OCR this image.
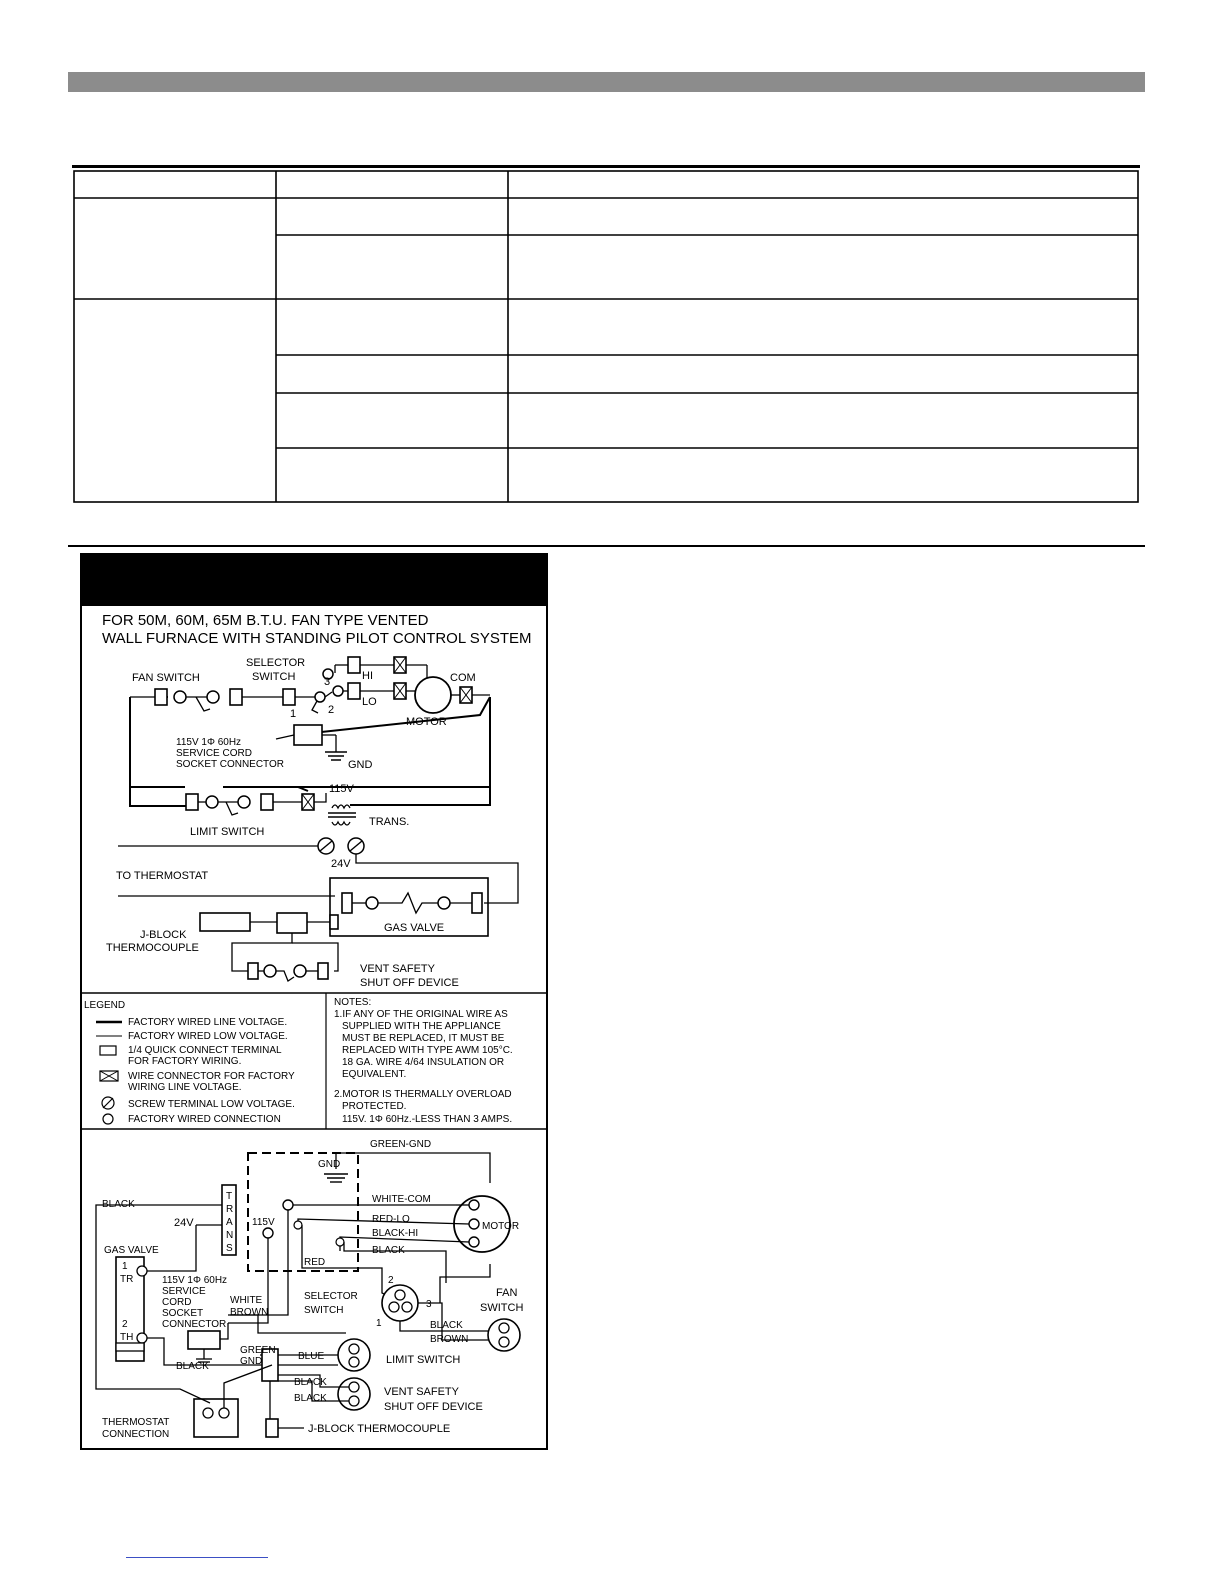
FOR 50M, 60M, 65M B.T.U. FAN TYPE VENTED
WALL FURNACE WITH STANDING PILOT CONTROL SYSTEM
FAN SWITCH
SELECTOR
SWITCH	HI
LO
COM
MOTOR
1	2
3
115V 1Φ 60Hz
SERVICE CORD
SOCKET CONNECTOR	GND
115V
TRANS.
LIMIT SWITCH
24V
TO THERMOSTAT
GAS VALVE
J-BLOCK
THERMOCOUPLE
VENT SAFETY
SHUT OFF DEVICE
LEGEND
FACTORY WIRED LINE VOLTAGE.
FACTORY WIRED LOW VOLTAGE.
1/4 QUICK CONNECT TERMINAL
FOR FACTORY WIRING.
WIRE CONNECTOR FOR FACTORY
WIRING LINE VOLTAGE.
SCREW TERMINAL LOW VOLTAGE.
FACTORY WIRED CONNECTION
NOTES:
1.IF ANY OF THE ORIGINAL WIRE AS
SUPPLIED WITH THE APPLIANCE
MUST BE REPLACED, IT MUST BE
REPLACED WITH TYPE AWM 105°C.
18 GA. WIRE 4/64 INSULATION OR
EQUIVALENT.
2.MOTOR IS THERMALLY OVERLOAD
PROTECTED.
115V. 1Φ 60Hz.-LESS THAN 3 AMPS.
GREEN-GND
GND
BLACK
24V
T
R
A
N
S
115V
WHITE-COM
RED-LO
BLACK-HI
BLACK
RED
MOTOR
GAS VALVE
1
TR
2
TH
115V 1Φ 60Hz
SERVICE
CORD
SOCKET
CONNECTOR
WHITE
BROWN
SELECTOR
SWITCH
1
2
3
FAN
SWITCH
BLACK
BROWN
GREEN
GND
BLACK
BLUE	LIMIT SWITCH
BLACK
BLACK
VENT SAFETY
SHUT OFF DEVICE
THERMOSTAT
CONNECTION	J-BLOCK THERMOCOUPLE
